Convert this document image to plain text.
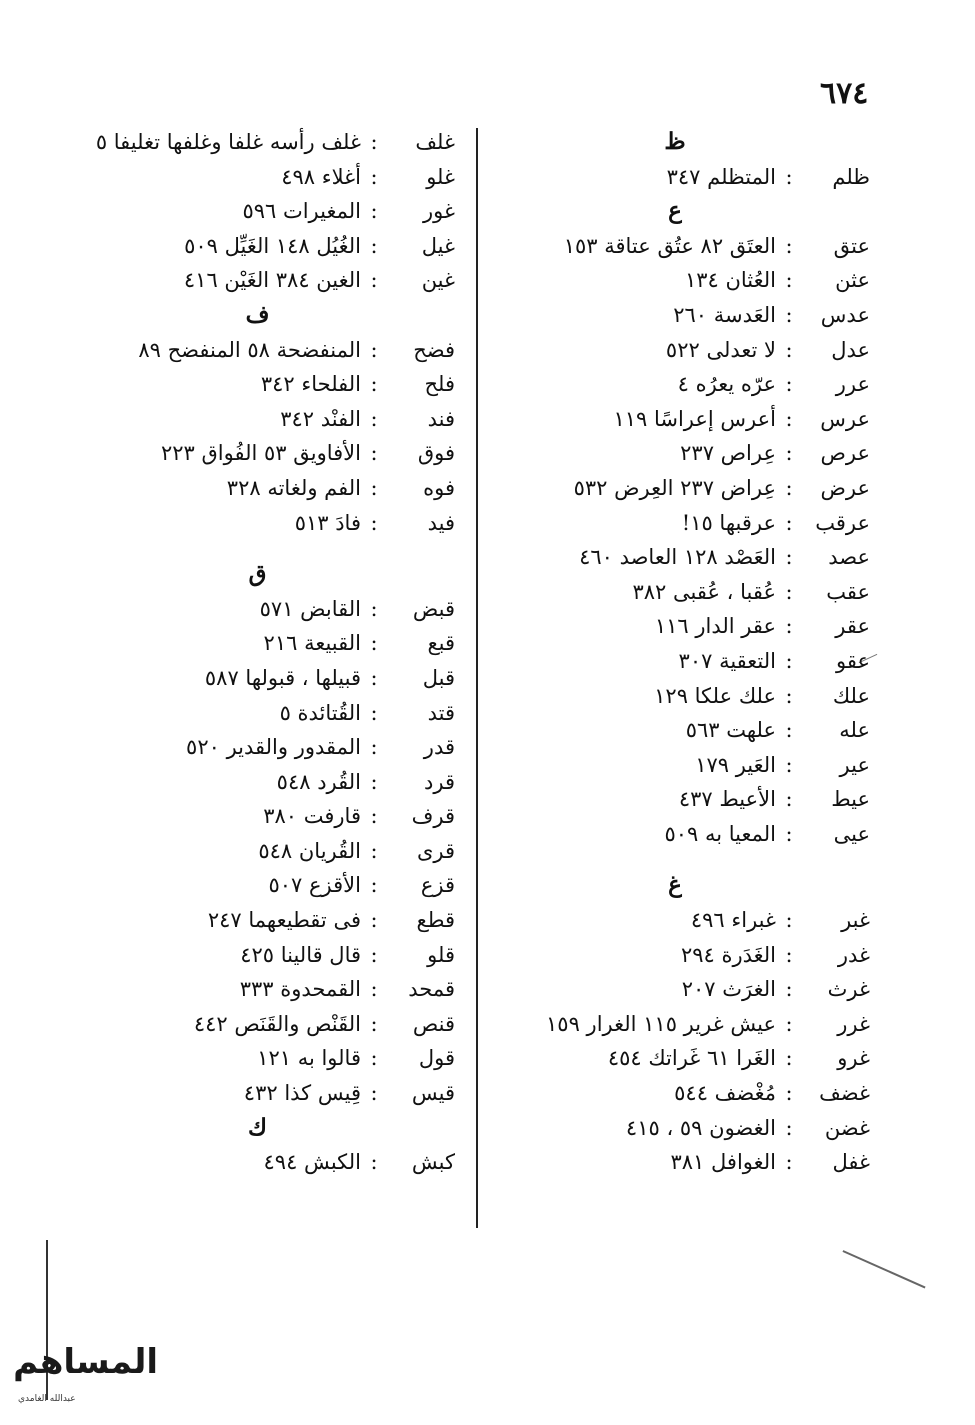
٦٧٤
ظ
ظلم
:
المتظلم ٣٤٧
ع
عتق
:
العتَق ٨٢ عتُق عتاقة ١٥٣
عثن
:
العُثان ١٣٤
عدس
:
العَدسة ٢٦٠
عدل
:
لا تعدلى ٥٢٢
عرر
:
عرّه يعرُه ٤
عرس
:
أعرس إعراسًا ١١٩
عرص
:
عِراص ٢٣٧
عرض
:
عِراض ٢٣٧ العِرض ٥٣٢
عرقب
:
عرقبها ١٥!
عصد
:
العَصْد ١٢٨ العاصد ٤٦٠
عقب
:
عُقبا ، عُقبى ٣٨٢
عقر
:
عقر الدار ١١٦
عقو
:
التعقية ٣٠٧
علك
:
علك علكا ١٢٩
عله
:
علهت ٥٦٣
عير
:
العَير ١٧٩
عيط
:
الأعيط ٤٣٧
عيى
:
المعيا به ٥٠٩
غ
غبر
:
غبراء ٤٩٦
غدر
:
الغَدَرة ٢٩٤
غرث
:
الغرَث ٢٠٧
غرر
:
عيش غرير ١١٥ الغرار ١٥٩
غرو
:
الغَرا ٦١ غَراتك ٤٥٤
غضف
:
مُغْضف ٥٤٤
غضن
:
الغضون ٥٩ ، ٤١٥
غفل
:
الغوافل ٣٨١
غلف
:
غلف رأسه غلفا وغلفها تغليفا ٥
غلو
:
أغلاء ٤٩٨
غور
:
المغيرات ٥٩٦
غيل
:
الغُيُل ١٤٨ الغَيِّل ٥٠٩
غين
:
الغين ٣٨٤ الغَيْن ٤١٦
ف
فضح
:
المنفضحة ٥٨ المنفضح ٨٩
فلح
:
الفلحاء ٣٤٢
فند
:
الفنْد ٣٤٢
فوق
:
الأفاويق ٥٣ الفُواق ٢٢٣
فوه
:
الفم ولغاته ٣٢٨
فيد
:
فادَ ٥١٣
ق
قبض
:
القابض ٥٧١
قبع
:
القبيعة ٢١٦
قبل
:
قبيلها ، قبولها ٥٨٧
قتد
:
القُتائدة ٥
قدر
:
المقدور والقدير ٥٢٠
قرد
:
القُرد ٥٤٨
قرف
:
قارفت ٣٨٠
قرى
:
القُريان ٥٤٨
قزع
:
الأقزع ٥٠٧
قطع
:
فى تقطيعهما ٢٤٧
قلو
:
قال قالينا ٤٢٥
قمحد
:
القمحدوة ٣٣٣
قنص
:
القَنْص والقَنَص ٤٤٢
قول
:
قالوا به ١٢١
قيس
:
قِيس كذا ٤٣٢
ك
كبش
:
الكبش ٤٩٤
المساهم
عبدالله الغامدي
